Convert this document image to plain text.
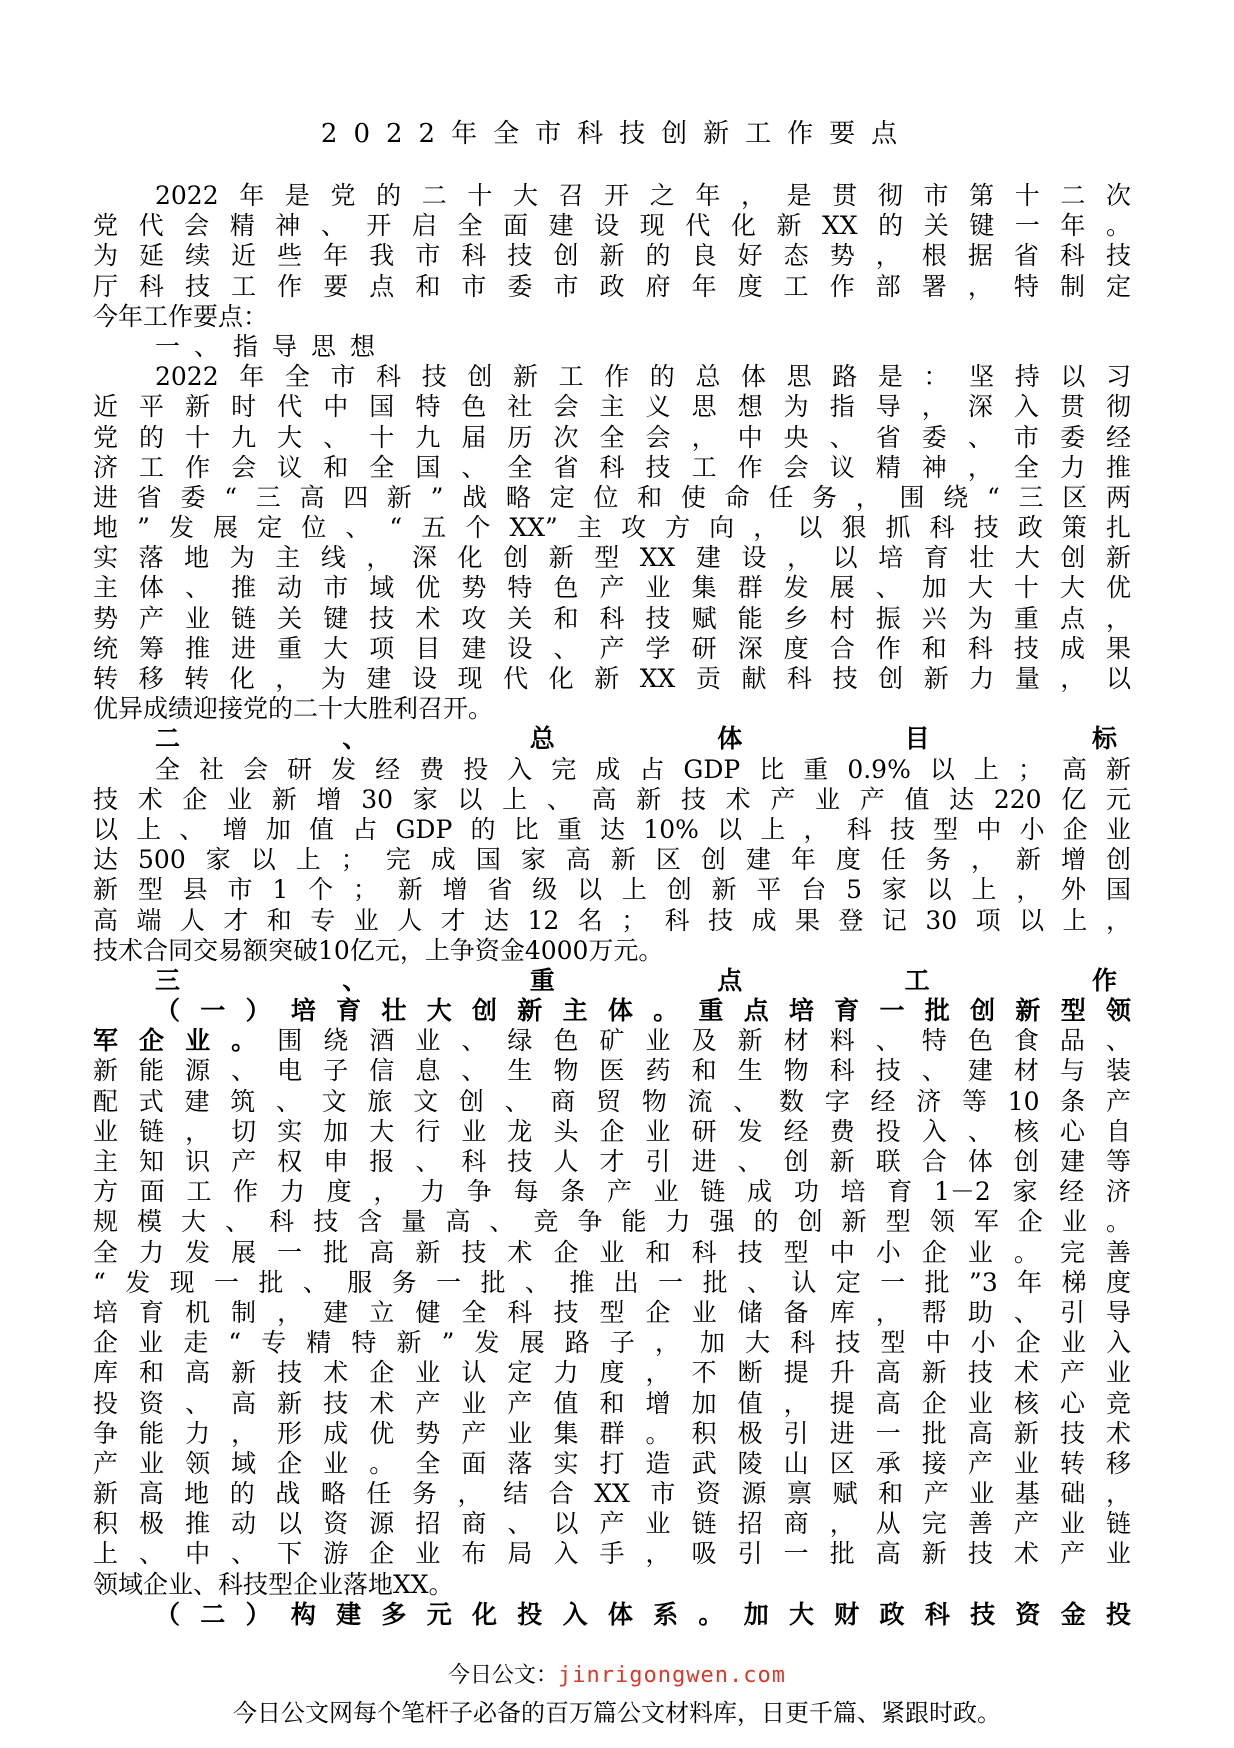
2022年全市科技创新工作要点
2022年是党的二十大召开之年，是贯彻市第十二次
党代会精神、开启全面建设现代化新XX的关键一年。
为延续近些年我市科技创新的良好态势，根据省科技
厅科技工作要点和市委市政府年度工作部署，特制定
今年工作要点：
一、指导思想
2022年全市科技创新工作的总体思路是：坚持以习
近平新时代中国特色社会主义思想为指导，深入贯彻
党的十九大、十九届历次全会，中央、省委、市委经
济工作会议和全国、全省科技工作会议精神，全力推
进省委“三高四新”战略定位和使命任务，围绕“三区两
地”发展定位、“五个XX”主攻方向，以狠抓科技政策扎
实落地为主线，深化创新型XX建设，以培育壮大创新
主体、推动市域优势特色产业集群发展、加大十大优
势产业链关键技术攻关和科技赋能乡村振兴为重点，
统筹推进重大项目建设、产学研深度合作和科技成果
转移转化，为建设现代化新XX贡献科技创新力量，以
优异成绩迎接党的二十大胜利召开。
二、总体目标
全社会研发经费投入完成占GDP比重0.9%以上；高新
技术企业新增30家以上、高新技术产业产值达220亿元
以上、增加值占GDP的比重达10%以上，科技型中小企业
达500家以上；完成国家高新区创建年度任务，新增创
新型县市1个；新增省级以上创新平台5家以上，外国
高端人才和专业人才达12名；科技成果登记30项以上，
技术合同交易额突破10亿元，上争资金4000万元。
三、重点工作
（一）培育壮大创新主体。重点培育一批创新型领
军企业。围绕酒业、绿色矿业及新材料、特色食品、
新能源、电子信息、生物医药和生物科技、建材与装
配式建筑、文旅文创、商贸物流、数字经济等10条产
业链，切实加大行业龙头企业研发经费投入、核心自
主知识产权申报、科技人才引进、创新联合体创建等
方面工作力度，力争每条产业链成功培育1－2家经济
规模大、科技含量高、竞争能力强的创新型领军企业。
全力发展一批高新技术企业和科技型中小企业。完善
“发现一批、服务一批、推出一批、认定一批”3年梯度
培育机制，建立健全科技型企业储备库，帮助、引导
企业走“专精特新”发展路子，加大科技型中小企业入
库和高新技术企业认定力度，不断提升高新技术产业
投资、高新技术产业产值和增加值，提高企业核心竞
争能力，形成优势产业集群。积极引进一批高新技术
产业领域企业。全面落实打造武陵山区承接产业转移
新高地的战略任务，结合XX市资源禀赋和产业基础，
积极推动以资源招商、以产业链招商，从完善产业链
上、中、下游企业布局入手，吸引一批高新技术产业
领域企业、科技型企业落地XX。
（二）构建多元化投入体系。加大财政科技资金投
今日公文：jinrigongwen.com
今日公文网每个笔杆子必备的百万篇公文材料库，日更千篇、紧跟时政。
